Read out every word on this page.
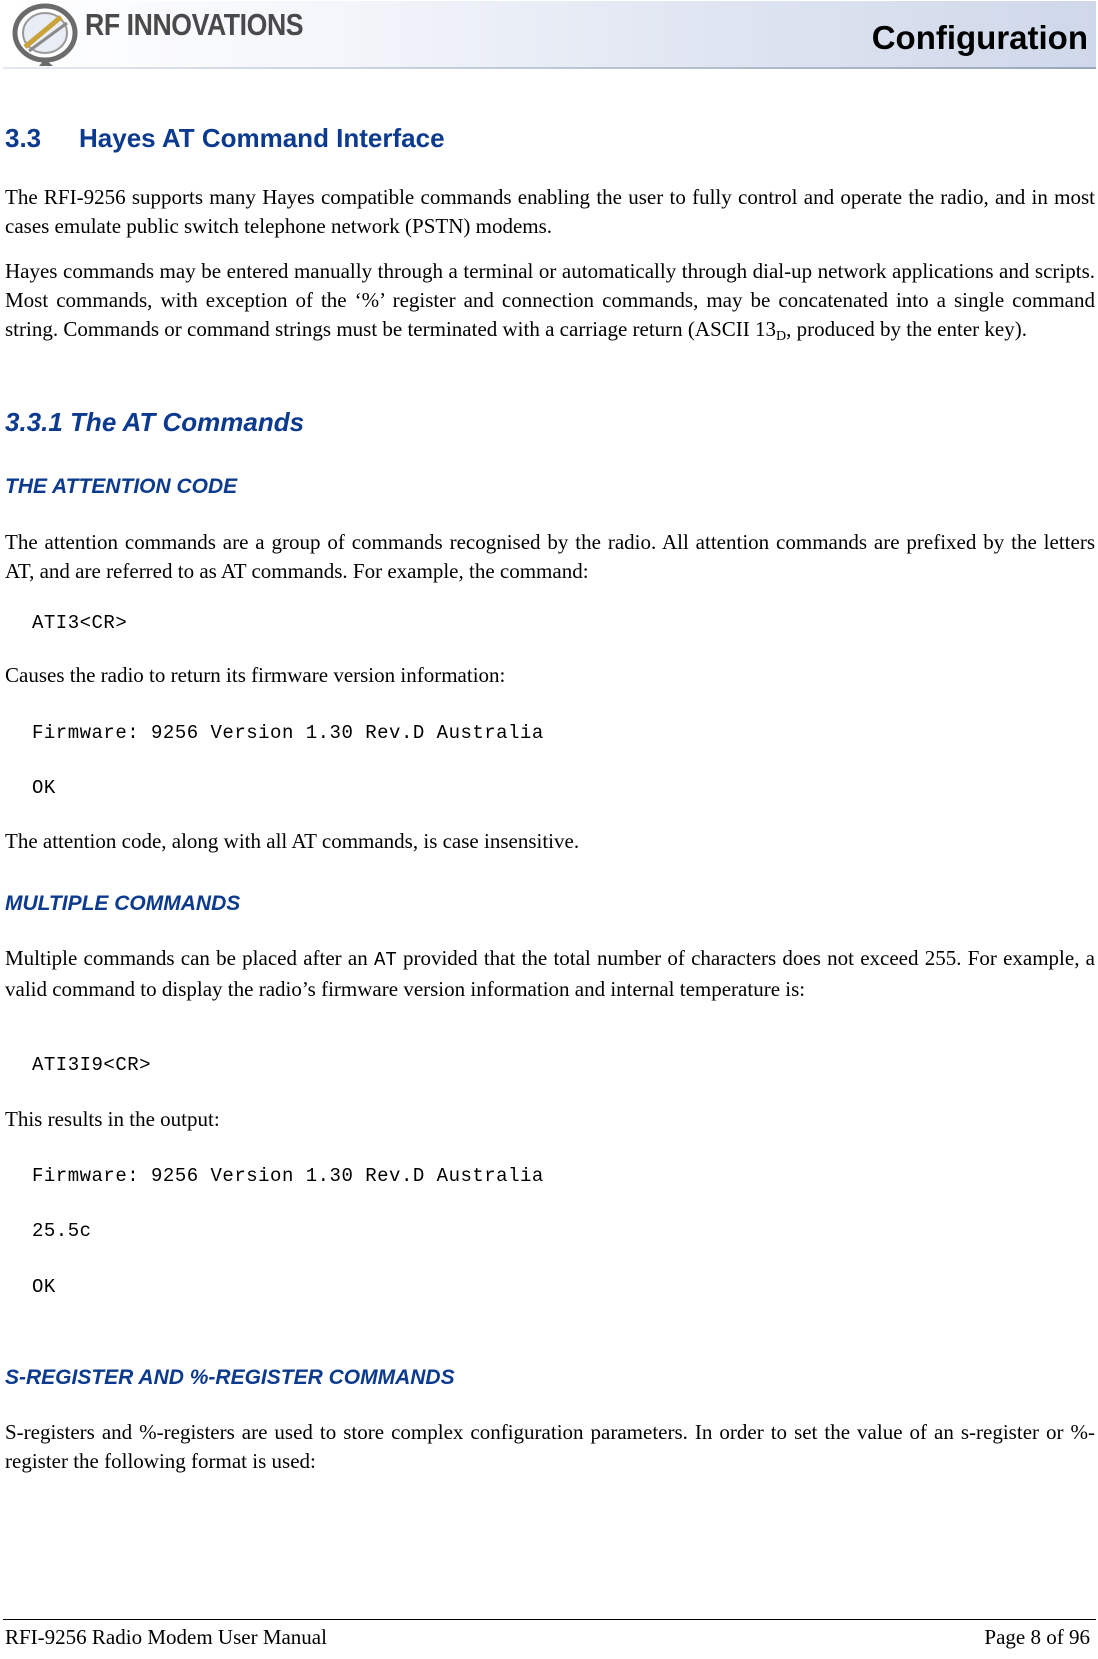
RF INNOVATIONS	Configuration
3.3 Hayes AT Command Interface
The RFI-9256 supports many Hayes compatible commands enabling the user to fully control and operate the radio, and in most cases emulate public switch telephone network (PSTN) modems.
Hayes commands may be entered manually through a terminal or automatically through dial-up network applications and scripts. Most commands, with exception of the ‘%’ register and connection commands, may be concatenated into a single command string. Commands or command strings must be terminated with a carriage return (ASCII $13_D$, produced by the enter key).
3.3.1 The AT Commands
THE ATTENTION CODE
The attention commands are a group of commands recognised by the radio. All attention commands are prefixed by the letters AT, and are referred to as AT commands. For example, the command:
ATI3<CR>
Causes the radio to return its firmware version information:
Firmware: 9256 Version 1.30 Rev.D Australia
OK
The attention code, along with all AT commands, is case insensitive.
MULTIPLE COMMANDS
Multiple commands can be placed after an AT provided that the total number of characters does not exceed 255. For example, a valid command to display the radio’s firmware version information and internal temperature is:
ATI3I9<CR>
This results in the output:
Firmware: 9256 Version 1.30 Rev.D Australia
25.5c
OK
S-REGISTER AND %-REGISTER COMMANDS
S-registers and %-registers are used to store complex configuration parameters. In order to set the value of an s-register or %-register the following format is used:
RFI-9256 Radio Modem User Manual	Page 8 of 96
